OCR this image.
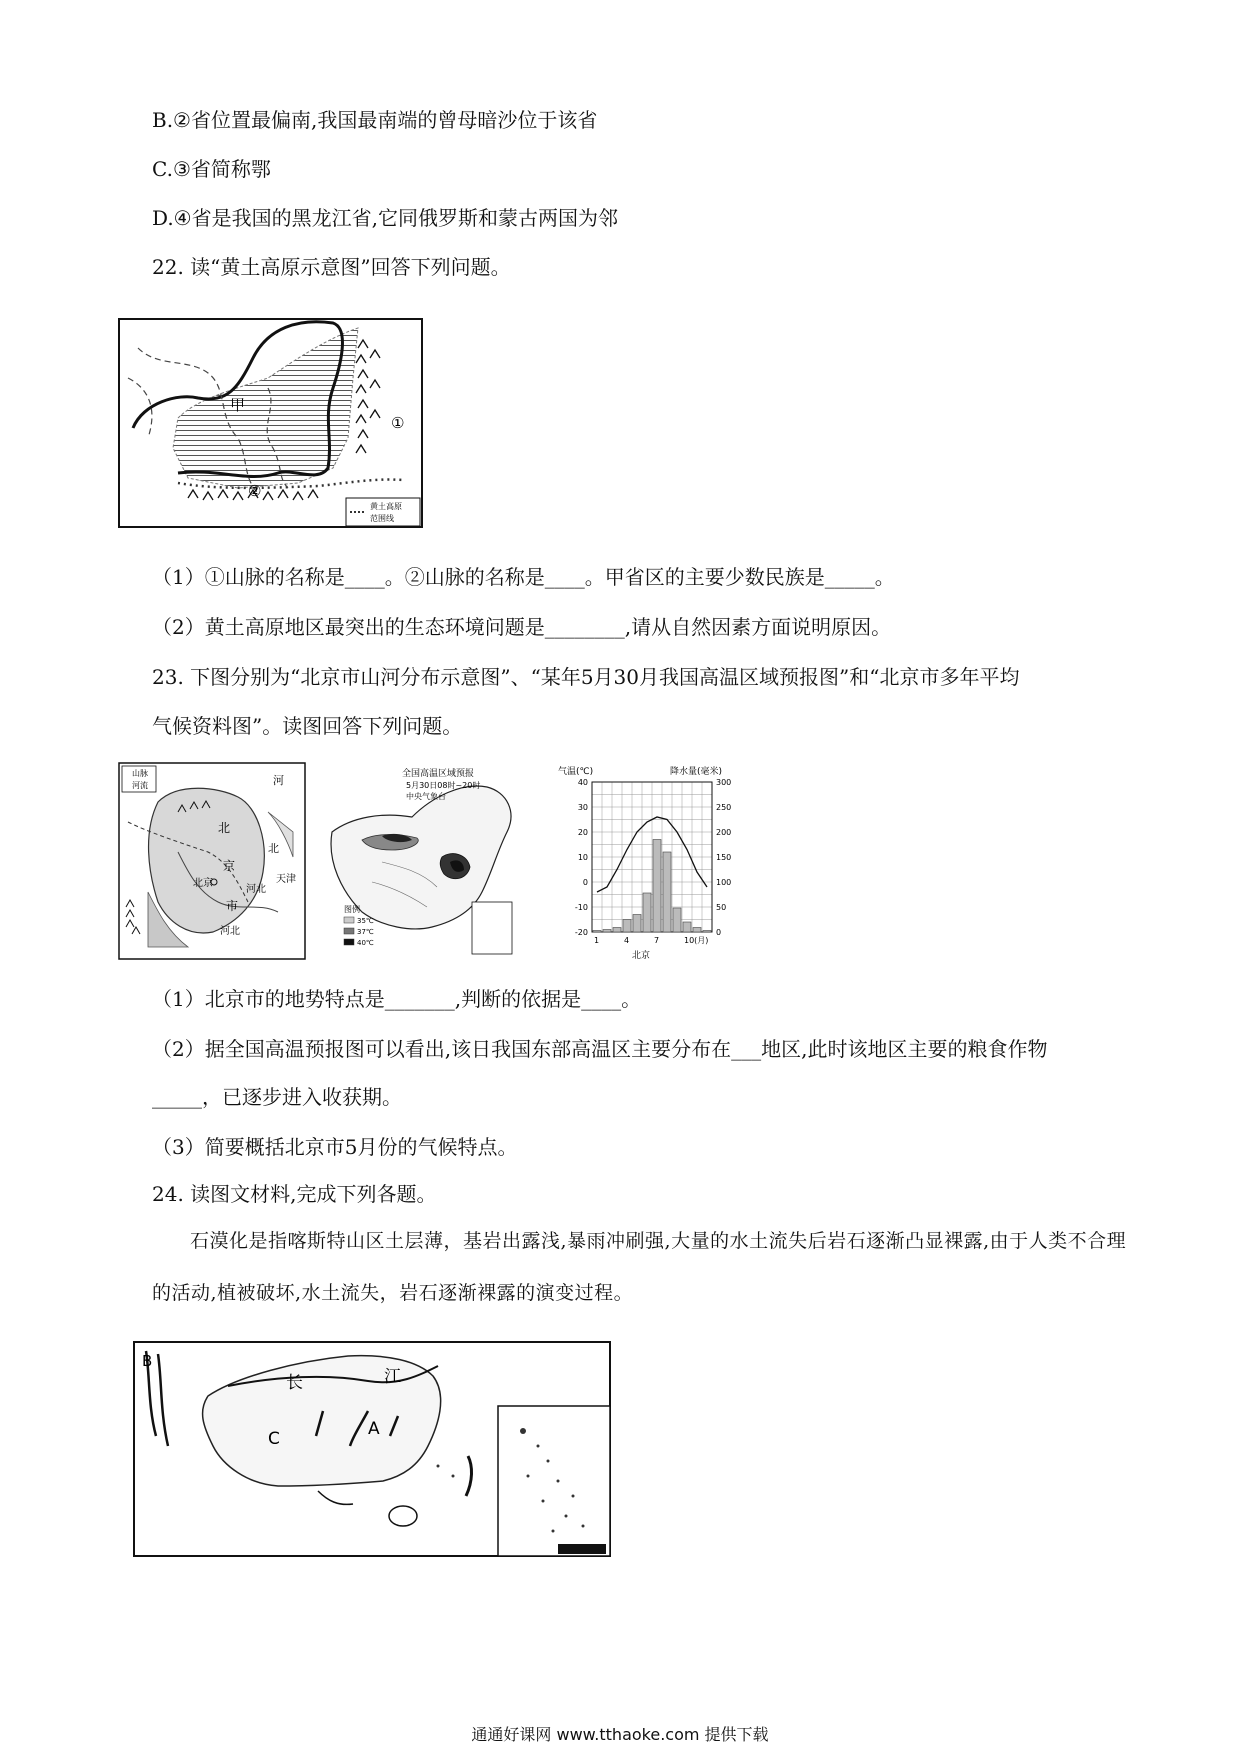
B.②省位置最偏南,我国最南端的曾母暗沙位于该省
C.③省简称鄂
D.④省是我国的黑龙江省,它同俄罗斯和蒙古两国为邻
22. 读“黄土高原示意图”回答下列问题。
甲
①
②
黄土高原
范围线
（1）①山脉的名称是____。②山脉的名称是____。甲省区的主要少数民族是_____。
（2）黄土高原地区最突出的生态环境问题是________,请从自然因素方面说明原因。
23. 下图分别为“北京市山河分布示意图”、“某年5月30月我国高温区域预报图”和“北京市多年平均
气候资料图”。读图回答下列问题。
山脉
河流	河
北
北
京
北京
市
河北
天津
河北
全国高温区域预报
5月30日08时~20时
中央气象台
图例
35℃
37℃
40℃
气温(℃)	降水量(毫米)
北京
40
30
20
10
0
-10
-20
300
250
200
150
100
50
0
1	4	7	10(月)
（1）北京市的地势特点是_______,判断的依据是____。
（2）据全国高温预报图可以看出,该日我国东部高温区主要分布在___地区,此时该地区主要的粮食作物
_____，已逐步进入收获期。
（3）简要概括北京市5月份的气候特点。
24. 读图文材料,完成下列各题。
石漠化是指喀斯特山区土层薄，基岩出露浅,暴雨冲刷强,大量的水土流失后岩石逐渐凸显裸露,由于人类不合理的活动,植被破坏,水土流失，岩石逐渐裸露的演变过程。
B
长	江
C	A
通通好课网 www.tthaoke.com 提供下载
